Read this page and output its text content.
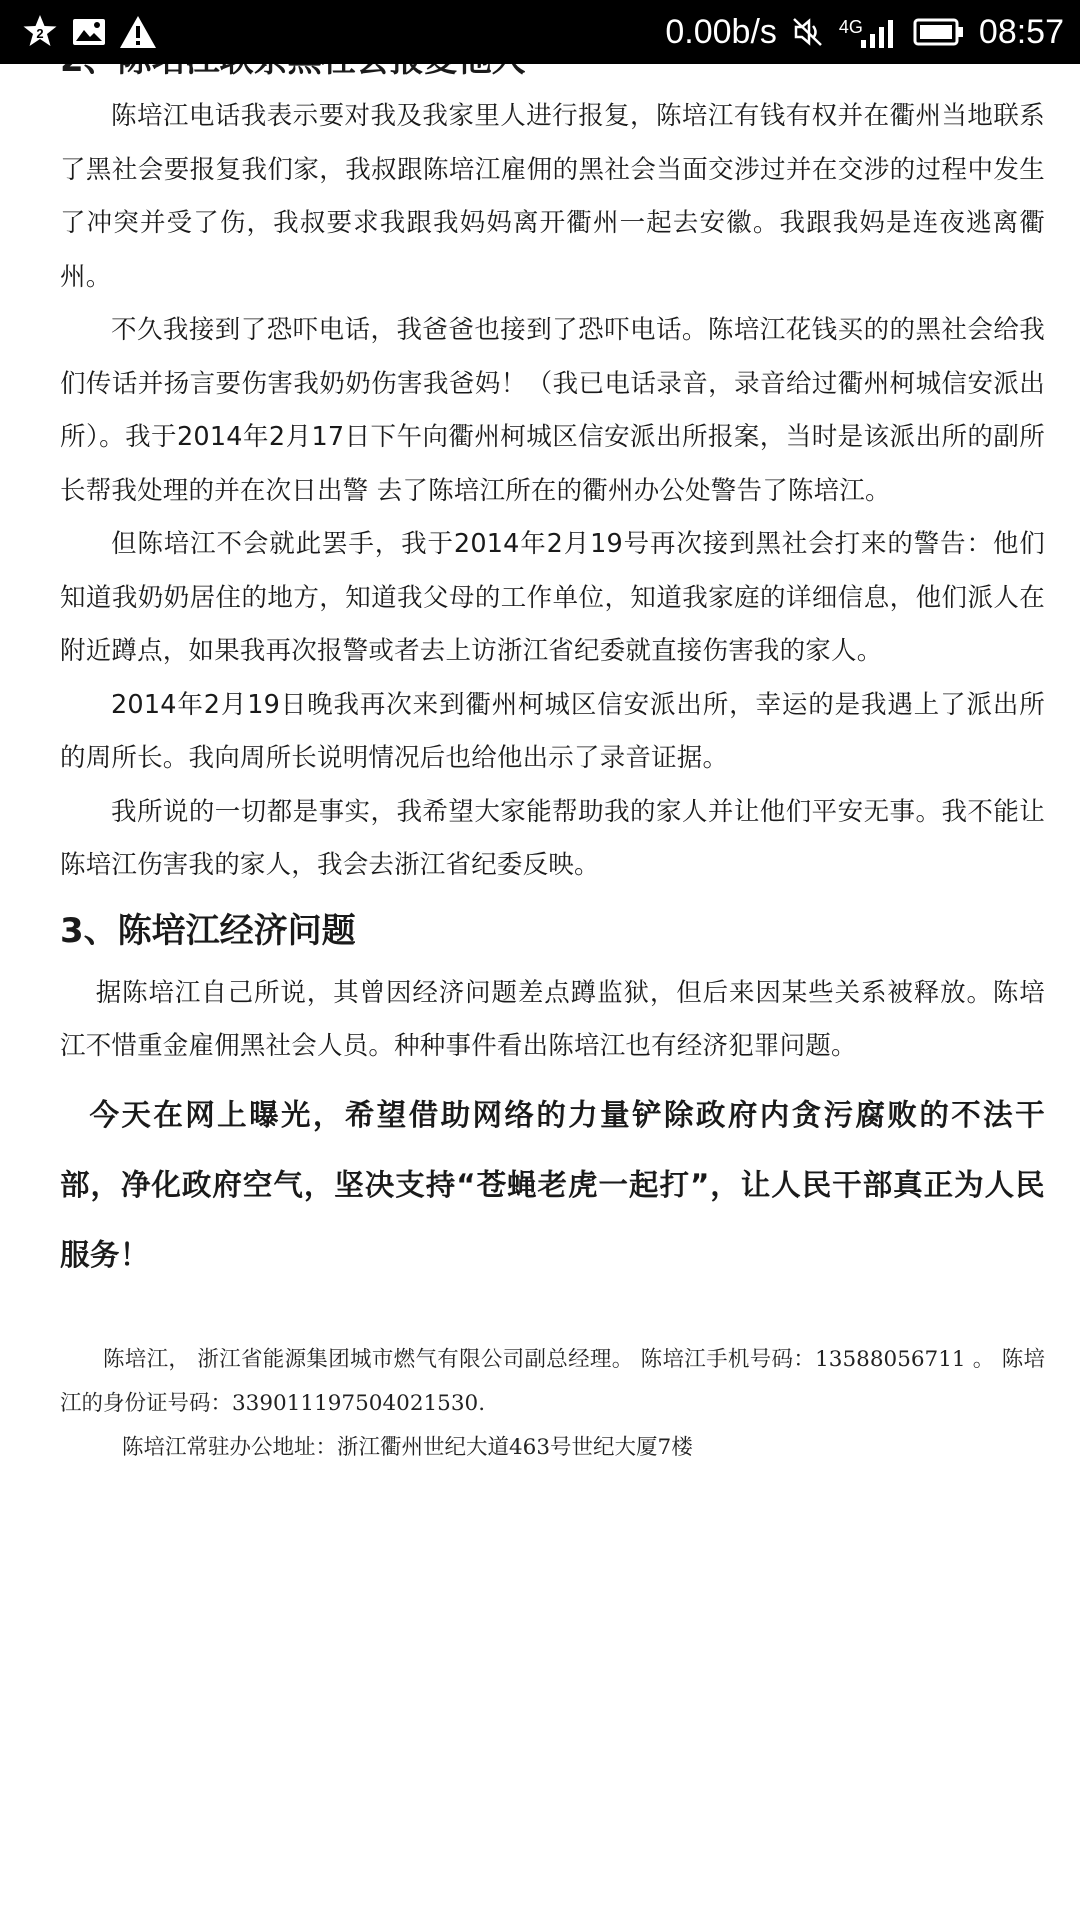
2	0.00b/s	4G	08:57

陈培江电话我表示要对我及我家里人进行报复，陈培江有钱有权并在衢州当地联系了黑社会要报复我们家，我叔跟陈培江雇佣的黑社会当面交涉过并在交涉的过程中发生了冲突并受了伤，我叔要求我跟我妈妈离开衢州一起去安徽。我跟我妈是连夜逃离衢州。

不久我接到了恐吓电话，我爸爸也接到了恐吓电话。陈培江花钱买的的黑社会给我们传话并扬言要伤害我奶奶伤害我爸妈！（我已电话录音，录音给过衢州柯城信安派出所）。我于2014年2月17日下午向衢州柯城区信安派出所报案，当时是该派出所的副所长帮我处理的并在次日出警 去了陈培江所在的衢州办公处警告了陈培江。

但陈培江不会就此罢手，我于2014年2月19号再次接到黑社会打来的警告：他们知道我奶奶居住的地方，知道我父母的工作单位，知道我家庭的详细信息，他们派人在附近蹲点，如果我再次报警或者去上访浙江省纪委就直接伤害我的家人。

2014年2月19日晚我再次来到衢州柯城区信安派出所，幸运的是我遇上了派出所的周所长。我向周所长说明情况后也给他出示了录音证据。

我所说的一切都是事实，我希望大家能帮助我的家人并让他们平安无事。我不能让陈培江伤害我的家人，我会去浙江省纪委反映。

3、陈培江经济问题

据陈培江自己所说，其曾因经济问题差点蹲监狱，但后来因某些关系被释放。陈培江不惜重金雇佣黑社会人员。种种事件看出陈培江也有经济犯罪问题。

今天在网上曝光，希望借助网络的力量铲除政府内贪污腐败的不法干部，净化政府空气，坚决支持“苍蝇老虎一起打”，让人民干部真正为人民服务！

陈培江， 浙江省能源集团城市燃气有限公司副总经理。 陈培江手机号码：13588056711 。 陈培江的身份证号码：339011197504021530.

陈培江常驻办公地址：浙江衢州世纪大道463号世纪大厦7楼
